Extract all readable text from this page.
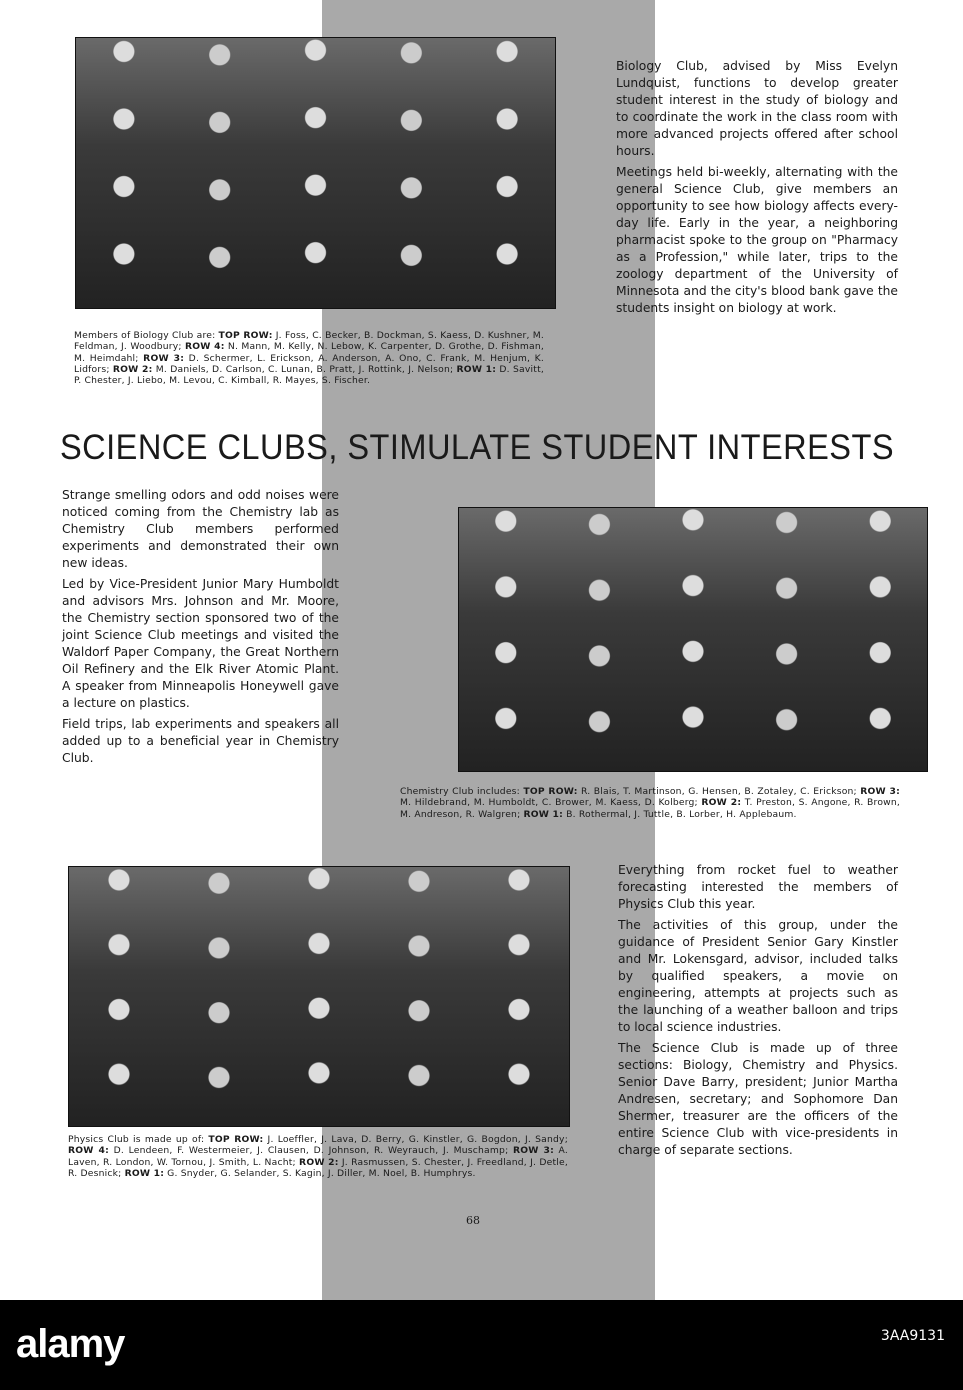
Members of Biology Club are: TOP ROW: J. Foss, C. Becker, B. Dockman, S. Kaess, D. Kushner, M. Feldman, J. Woodbury; ROW 4: N. Mann, M. Kelly, N. Lebow, K. Carpenter, D. Grothe, D. Fishman, M. Heimdahl; ROW 3: D. Schermer, L. Erickson, A. Anderson, A. Ono, C. Frank, M. Henjum, K. Lidfors; ROW 2: M. Daniels, D. Carlson, C. Lunan, B. Pratt, J. Rottink, J. Nelson; ROW 1: D. Savitt, P. Chester, J. Liebo, M. Levou, C. Kimball, R. Mayes, S. Fischer.

Biology Club, advised by Miss Evelyn Lundquist, functions to develop greater student interest in the study of biology and to coordinate the work in the class room with more advanced projects offered after school hours.

Meetings held bi-weekly, alternating with the general Science Club, give members an opportunity to see how biology affects every-day life. Early in the year, a neighboring pharmacist spoke to the group on "Pharmacy as a Profession," while later, trips to the zoology department of the University of Minnesota and the city's blood bank gave the students insight on biology at work.

SCIENCE CLUBS, STIMULATE STUDENT INTERESTS

Strange smelling odors and odd noises were noticed coming from the Chemistry lab as Chemistry Club members performed experiments and demonstrated their own new ideas.

Led by Vice-President Junior Mary Humboldt and advisors Mrs. Johnson and Mr. Moore, the Chemistry section sponsored two of the joint Science Club meetings and visited the Waldorf Paper Company, the Great Northern Oil Refinery and the Elk River Atomic Plant. A speaker from Minneapolis Honeywell gave a lecture on plastics.

Field trips, lab experiments and speakers all added up to a beneficial year in Chemistry Club.

Chemistry Club includes: TOP ROW: R. Blais, T. Martinson, G. Hensen, B. Zotaley, C. Erickson; ROW 3: M. Hildebrand, M. Humboldt, C. Brower, M. Kaess, D. Kolberg; ROW 2: T. Preston, S. Angone, R. Brown, M. Andreson, R. Walgren; ROW 1: B. Rothermal, J. Tuttle, B. Lorber, H. Applebaum.
Physics Club is made up of: TOP ROW: J. Loeffler, J. Lava, D. Berry, G. Kinstler, G. Bogdon, J. Sandy; ROW 4: D. Lendeen, F. Westermeier, J. Clausen, D. Johnson, R. Weyrauch, J. Muschamp; ROW 3: A. Laven, R. London, W. Tornou, J. Smith, L. Nacht; ROW 2: J. Rasmussen, S. Chester, J. Freedland, J. Detle, R. Desnick; ROW 1: G. Snyder, G. Selander, S. Kagin, J. Diller, M. Noel, B. Humphrys.

Everything from rocket fuel to weather forecasting interested the members of Physics Club this year.

The activities of this group, under the guidance of President Senior Gary Kinstler and Mr. Lokensgard, advisor, included talks by qualified speakers, a movie on engineering, attempts at projects such as the launching of a weather balloon and trips to local science industries.

The Science Club is made up of three sections: Biology, Chemistry and Physics. Senior Dave Barry, president; Junior Martha Andresen, secretary; and Sophomore Dan Shermer, treasurer are the officers of the entire Science Club with vice-presidents in charge of separate sections.

68
alamy	3AA9131
